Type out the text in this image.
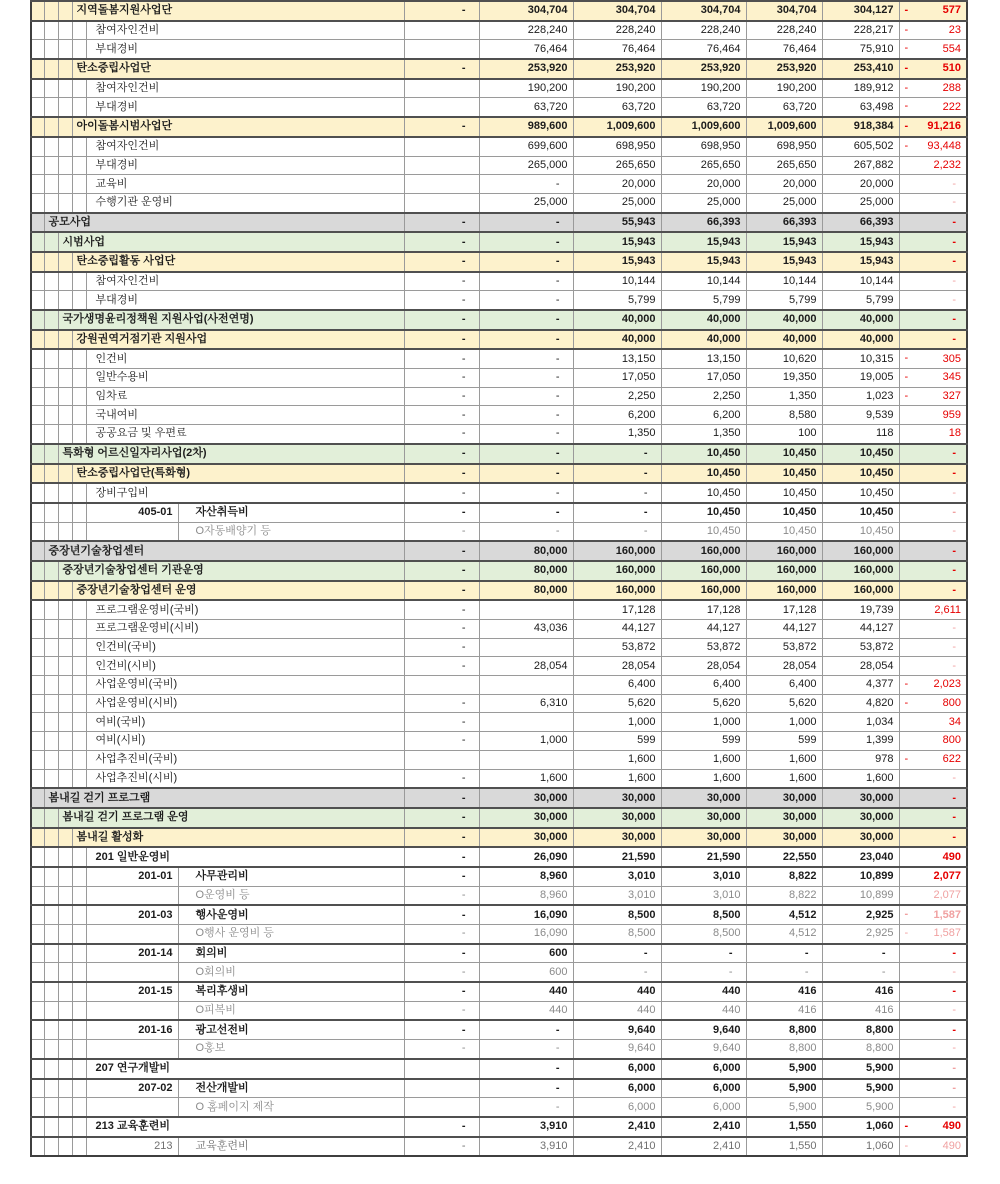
			지역돌봄지원사업단			-	304,704	304,704	304,704	304,704	304,127	- 577
				참여자인건비			228,240	228,240	228,240	228,240	228,217	- 23
				부대경비			76,464	76,464	76,464	76,464	75,910	- 554
			탄소중립사업단			-	253,920	253,920	253,920	253,920	253,410	- 510
				참여자인건비			190,200	190,200	190,200	190,200	189,912	- 288
				부대경비			63,720	63,720	63,720	63,720	63,498	- 222
			아이돌봄시범사업단			-	989,600	1,009,600	1,009,600	1,009,600	918,384	- 91,216
				참여자인건비			699,600	698,950	698,950	698,950	605,502	- 93,448
				부대경비			265,000	265,650	265,650	265,650	267,882	2,232
				교육비			-	20,000	20,000	20,000	20,000	-
				수행기관 운영비			25,000	25,000	25,000	25,000	25,000	-
	공모사업					-	-	55,943	66,393	66,393	66,393	-
		시범사업				-	-	15,943	15,943	15,943	15,943	-
			탄소중립활동 사업단			-	-	15,943	15,943	15,943	15,943	-
				참여자인건비		-	-	10,144	10,144	10,144	10,144	-
				부대경비		-	-	5,799	5,799	5,799	5,799	-
		국가생명윤리정책원 지원사업(사전연명)				-	-	40,000	40,000	40,000	40,000	-
			강원권역거점기관 지원사업			-	-	40,000	40,000	40,000	40,000	-
				인건비		-	-	13,150	13,150	10,620	10,315	- 305
				일반수용비		-	-	17,050	17,050	19,350	19,005	- 345
				임차료		-	-	2,250	2,250	1,350	1,023	- 327
				국내여비		-	-	6,200	6,200	8,580	9,539	959
				공공요금 및 우편료		-	-	1,350	1,350	100	118	18
		특화형 어르신일자리사업(2차)				-	-	-	10,450	10,450	10,450	-
			탄소중립사업단(특화형)			-	-	-	10,450	10,450	10,450	-
				장비구입비		-	-	-	10,450	10,450	10,450	-
				405-01	자산취득비	-	-	-	10,450	10,450	10,450	-
					O자동배양기 등	-	-	-	10,450	10,450	10,450	-
	중장년기술창업센터					-	80,000	160,000	160,000	160,000	160,000	-
		중장년기술창업센터 기관운영				-	80,000	160,000	160,000	160,000	160,000	-
			중장년기술창업센터 운영			-	80,000	160,000	160,000	160,000	160,000	-
				프로그램운영비(국비)		-		17,128	17,128	17,128	19,739	2,611
				프로그램운영비(시비)		-	43,036	44,127	44,127	44,127	44,127	-
				인건비(국비)		-		53,872	53,872	53,872	53,872	-
				인건비(시비)		-	28,054	28,054	28,054	28,054	28,054	-
				사업운영비(국비)				6,400	6,400	6,400	4,377	- 2,023
				사업운영비(시비)		-	6,310	5,620	5,620	5,620	4,820	- 800
				여비(국비)		-		1,000	1,000	1,000	1,034	34
				여비(시비)		-	1,000	599	599	599	1,399	800
				사업추진비(국비)				1,600	1,600	1,600	978	- 622
				사업추진비(시비)		-	1,600	1,600	1,600	1,600	1,600	-
	봄내길 걷기 프로그램					-	30,000	30,000	30,000	30,000	30,000	-
		봄내길 걷기 프로그램 운영				-	30,000	30,000	30,000	30,000	30,000	-
			봄내길 활성화			-	30,000	30,000	30,000	30,000	30,000	-
				201 일반운영비		-	26,090	21,590	21,590	22,550	23,040	490
				201-01	사무관리비	-	8,960	3,010	3,010	8,822	10,899	2,077
					O운영비 등	-	8,960	3,010	3,010	8,822	10,899	2,077
				201-03	행사운영비	-	16,090	8,500	8,500	4,512	2,925	- 1,587
					O행사 운영비 등	-	16,090	8,500	8,500	4,512	2,925	- 1,587
				201-14	회의비	-	600	-	-	-	-	-
					O회의비	-	600	-	-	-	-	-
				201-15	복리후생비	-	440	440	440	416	416	-
					O피복비	-	440	440	440	416	416	-
				201-16	광고선전비	-	-	9,640	9,640	8,800	8,800	-
					O홍보	-	-	9,640	9,640	8,800	8,800	-
				207 연구개발비			-	6,000	6,000	5,900	5,900	-
				207-02	전산개발비		-	6,000	6,000	5,900	5,900	-
					O 홈페이지 제작		-	6,000	6,000	5,900	5,900	-
				213 교육훈련비		-	3,910	2,410	2,410	1,550	1,060	- 490
				213	교육훈련비	-	3,910	2,410	2,410	1,550	1,060	- 490
